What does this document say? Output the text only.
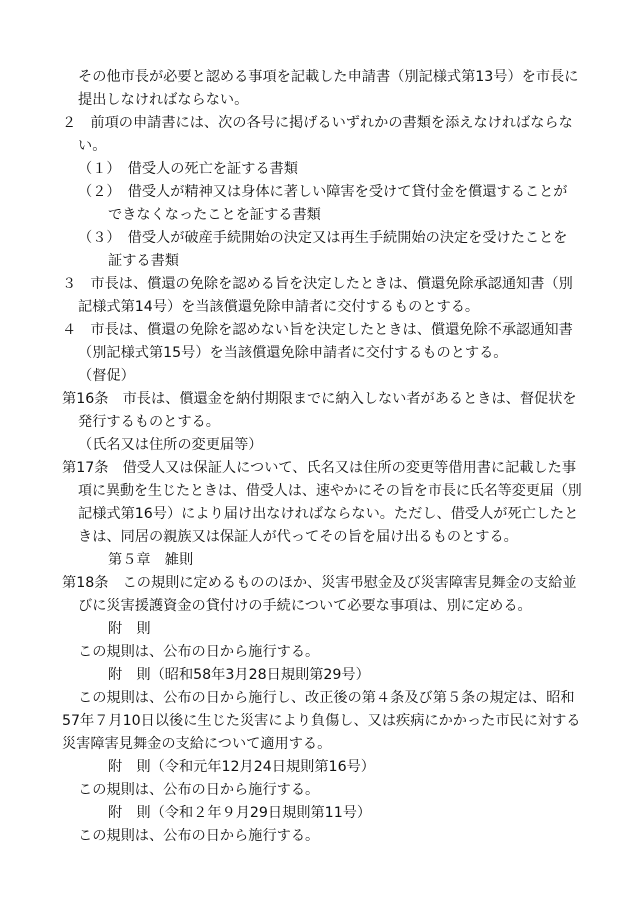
その他市長が必要と認める事項を記載した申請書（別記様式第13号）を市長に
提出しなければならない。
２　前項の申請書には、次の各号に掲げるいずれかの書類を添えなければならな
い。
（１）　借受人の死亡を証する書類
（２）　借受人が精神又は身体に著しい障害を受けて貸付金を償還することが
できなくなったことを証する書類
（３）　借受人が破産手続開始の決定又は再生手続開始の決定を受けたことを
証する書類
３　市長は、償還の免除を認める旨を決定したときは、償還免除承認通知書（別
記様式第14号）を当該償還免除申請者に交付するものとする。
４　市長は、償還の免除を認めない旨を決定したときは、償還免除不承認通知書
（別記様式第15号）を当該償還免除申請者に交付するものとする。
（督促）
第16条　市長は、償還金を納付期限までに納入しない者があるときは、督促状を
発行するものとする。
（氏名又は住所の変更届等）
第17条　借受人又は保証人について、氏名又は住所の変更等借用書に記載した事
項に異動を生じたときは、借受人は、速やかにその旨を市長に氏名等変更届（別
記様式第16号）により届け出なければならない。ただし、借受人が死亡したと
きは、同居の親族又は保証人が代ってその旨を届け出るものとする。
第５章　雑則
第18条　この規則に定めるもののほか、災害弔慰金及び災害障害見舞金の支給並
びに災害援護資金の貸付けの手続について必要な事項は、別に定める。
附　則
この規則は、公布の日から施行する。
附　則（昭和58年3月28日規則第29号）
この規則は、公布の日から施行し、改正後の第４条及び第５条の規定は、昭和
57年７月10日以後に生じた災害により負傷し、又は疾病にかかった市民に対する
災害障害見舞金の支給について適用する。
附　則（令和元年12月24日規則第16号）
この規則は、公布の日から施行する。
附　則（令和２年９月29日規則第11号）
この規則は、公布の日から施行する。
